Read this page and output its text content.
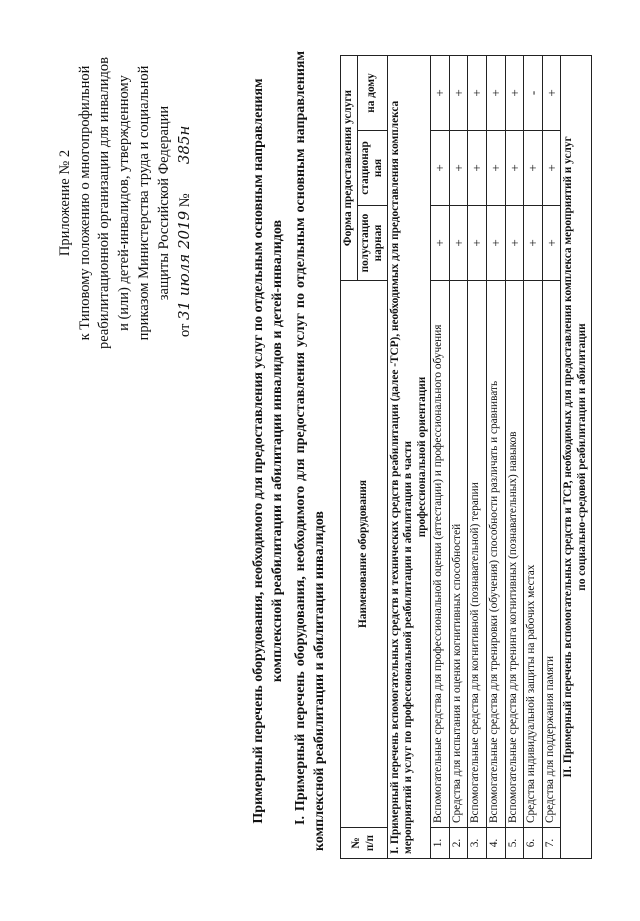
Приложение № 2 к Типовому положению о многопрофильной реабилитационной организации для инвалидов и (или) детей-инвалидов, утвержденному приказом Министерства труда и социальной защиты Российской Федерации
от 31 июля 2019 №  385н	Примерный перечень оборудования, необходимого для предоставления услуг по отдельным основным направлениям комплексной реабилитации и абилитации инвалидов и детей-инвалидов I. Примерный перечень оборудования, необходимого для предоставления услуг по отдельным основным направлениям комплексной реабилитации и абилитации инвалидов № п/п	Наименование оборудования	Форма предоставления услуги		
		полустацио нарная	стационар ная	на дому
I. Примерный перечень вспомогательных средств и технических средств реабилитации (далее -ТСР), необходимых для предоставления комплекса мероприятий и услуг по профессиональной реабилитации и абилитации в части профессиональной ориентации				

1.	Вспомогательные средства для профессиональной оценки (аттестации) и профессионального обучения	+	+	+
2.	Средства для испытания и оценки когнитивных способностей	+	+	+
3.	Вспомогательные средства для когнитивной (познавательной) терапии	+	+	+
4.	Вспомогательные средства для тренировки (обучения) способности различать и сравнивать	+	+	+
5.	Вспомогательные средства для тренинга когнитивных (познавательных) навыков	+	+	+
6.	Средства индивидуальной защиты на рабочих местах	+	+	-
7.	Средства для поддержания памяти	+	+	+

II. Примерный перечень вспомогательных средств и ТСР, необходимых для предоставления комплекса мероприятий и услуг по социально-средовой реабилитации и абилитации				
